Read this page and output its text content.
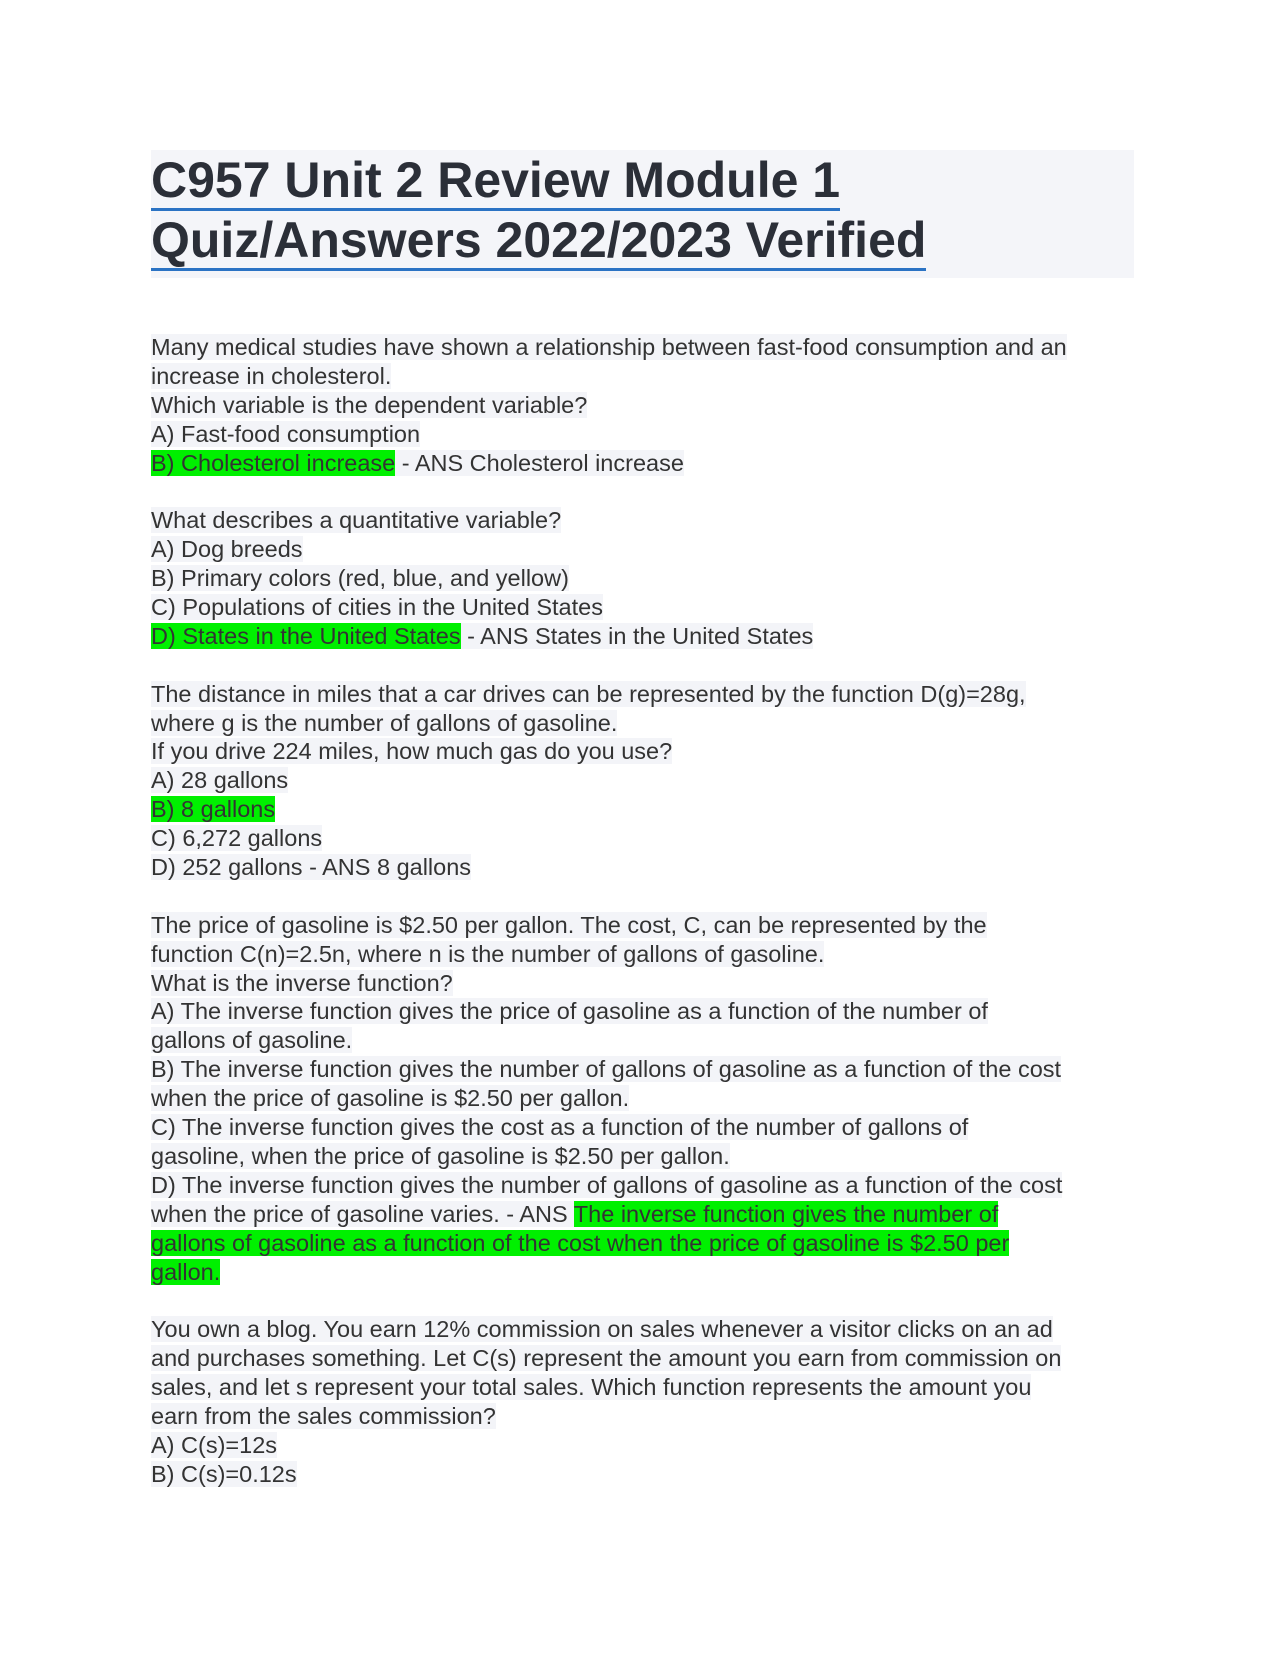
C957 Unit 2 Review Module 1
Quiz/Answers 2022/2023 Verified
Many medical studies have shown a relationship between fast-food consumption and an
increase in cholesterol.
Which variable is the dependent variable?
A) Fast-food consumption
B) Cholesterol increase - ANS Cholesterol increase
What describes a quantitative variable?
A) Dog breeds
B) Primary colors (red, blue, and yellow)
C) Populations of cities in the United States
D) States in the United States - ANS States in the United States
The distance in miles that a car drives can be represented by the function D(g)=28g,
where g is the number of gallons of gasoline.
If you drive 224 miles, how much gas do you use?
A) 28 gallons
B) 8 gallons
C) 6,272 gallons
D) 252 gallons - ANS 8 gallons
The price of gasoline is $2.50 per gallon. The cost, C, can be represented by the
function C(n)=2.5n, where n is the number of gallons of gasoline.
What is the inverse function?
A) The inverse function gives the price of gasoline as a function of the number of
gallons of gasoline.
B) The inverse function gives the number of gallons of gasoline as a function of the cost
when the price of gasoline is $2.50 per gallon.
C) The inverse function gives the cost as a function of the number of gallons of
gasoline, when the price of gasoline is $2.50 per gallon.
D) The inverse function gives the number of gallons of gasoline as a function of the cost
when the price of gasoline varies. - ANS The inverse function gives the number of
gallons of gasoline as a function of the cost when the price of gasoline is $2.50 per
gallon.
You own a blog. You earn 12% commission on sales whenever a visitor clicks on an ad
and purchases something. Let C(s) represent the amount you earn from commission on
sales, and let s represent your total sales. Which function represents the amount you
earn from the sales commission?
A) C(s)=12s
B) C(s)=0.12s
